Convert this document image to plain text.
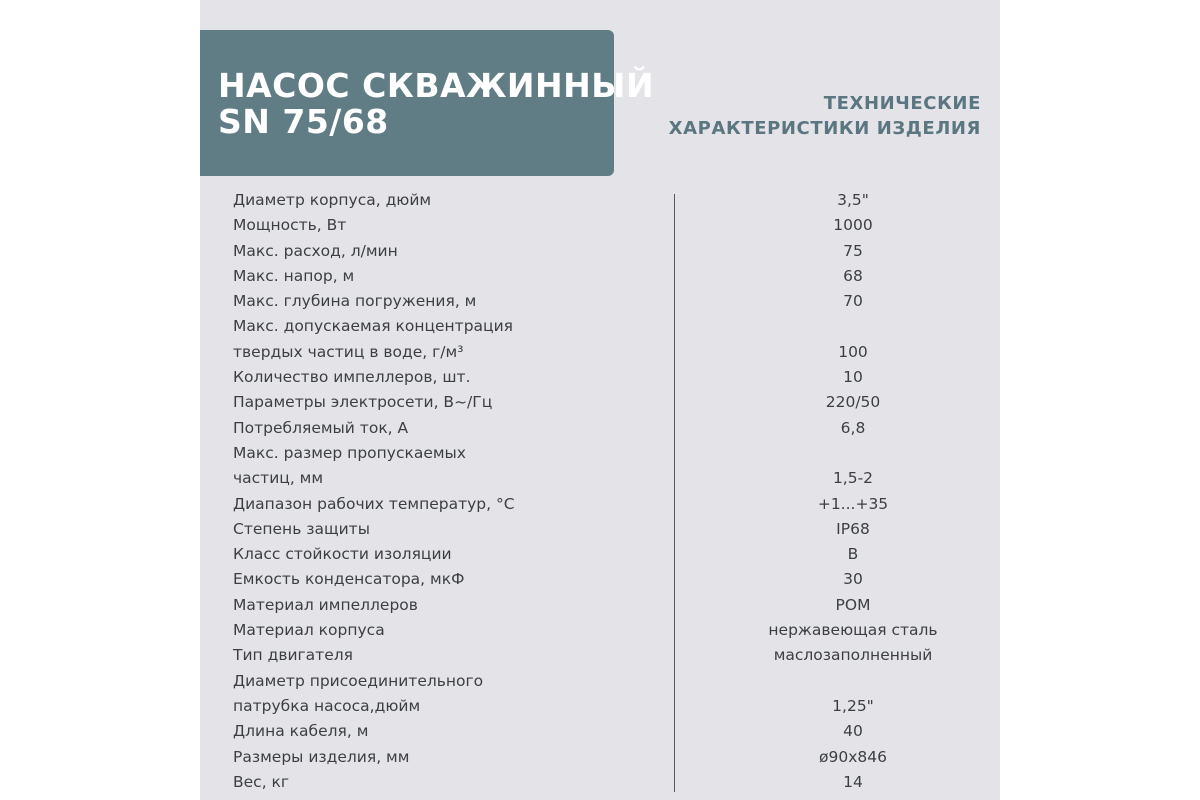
НАСОС СКВАЖИННЫЙ
SN 75/68	ТЕХНИЧЕСКИЕ
ХАРАКТЕРИСТИКИ ИЗДЕЛИЯ
Диаметр корпуса, дюйм	3,5"
Мощность, Вт	1000
Макс. расход, л/мин	75
Макс. напор, м	68
Макс. глубина погружения, м	70
Макс. допускаемая концентрация
твердых частиц в воде, г/м³	100
Количество импеллеров, шт.	10
Параметры электросети, В~/Гц	220/50
Потребляемый ток, А	6,8
Макс. размер пропускаемых
частиц, мм	1,5-2
Диапазон рабочих температур, °С	+1...+35
Степень защиты	IP68
Класс стойкости изоляции	B
Емкость конденсатора, мкФ	30
Материал импеллеров	POM
Материал корпуса	нержавеющая сталь
Тип двигателя	маслозаполненный
Диаметр присоединительного
патрубка насоса,дюйм	1,25"
Длина кабеля, м	40
Размеры изделия, мм	ø90x846
Вес, кг	14
